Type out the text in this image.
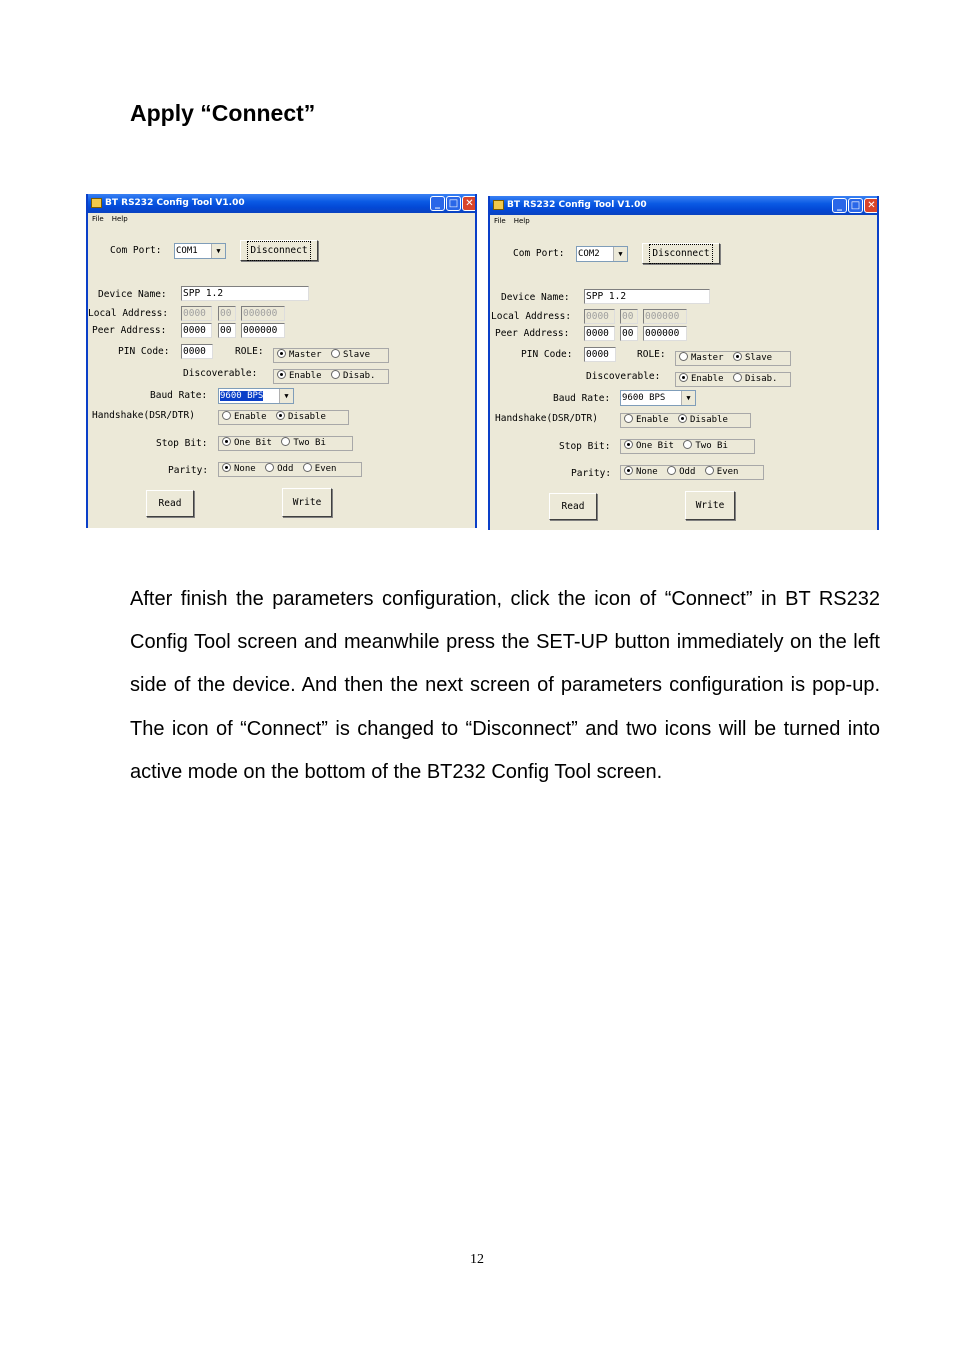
Apply “Connect”
BT RS232 Config Tool V1.00	_ □ ✕
File Help
Com Port: COM1	▼	Disconnect
Device Name: SPP 1.2
Local Address: 0000	00	000000
Peer Address: 0000	00	000000
PIN Code: 0000	ROLE:	Master Slave
Discoverable:	Enable Disab.
Baud Rate: 9600 BPS	▼
Handshake(DSR/DTR)	Enable Disable
Stop Bit:	One Bit Two Bi
Parity:	None Odd Even
Read	Write
BT RS232 Config Tool V1.00	_ □ ✕
File Help
Com Port: COM2	▼	Disconnect
Device Name: SPP 1.2
Local Address: 0000	00	000000
Peer Address: 0000	00	000000
PIN Code: 0000	ROLE:	Master Slave
Discoverable:	Enable Disab.
Baud Rate: 9600 BPS	▼
Handshake(DSR/DTR)	Enable Disable
Stop Bit:	One Bit Two Bi
Parity:	None Odd Even
Read	Write
After finish the parameters configuration, click the icon of “Connect” in BT RS232 Config Tool screen and meanwhile press the SET-UP button immediately on the left side of the device. And then the next screen of parameters configuration is pop-up. The icon of “Connect” is changed to “Disconnect” and two icons will be turned into active mode on the bottom of the BT232 Config Tool screen.
12
